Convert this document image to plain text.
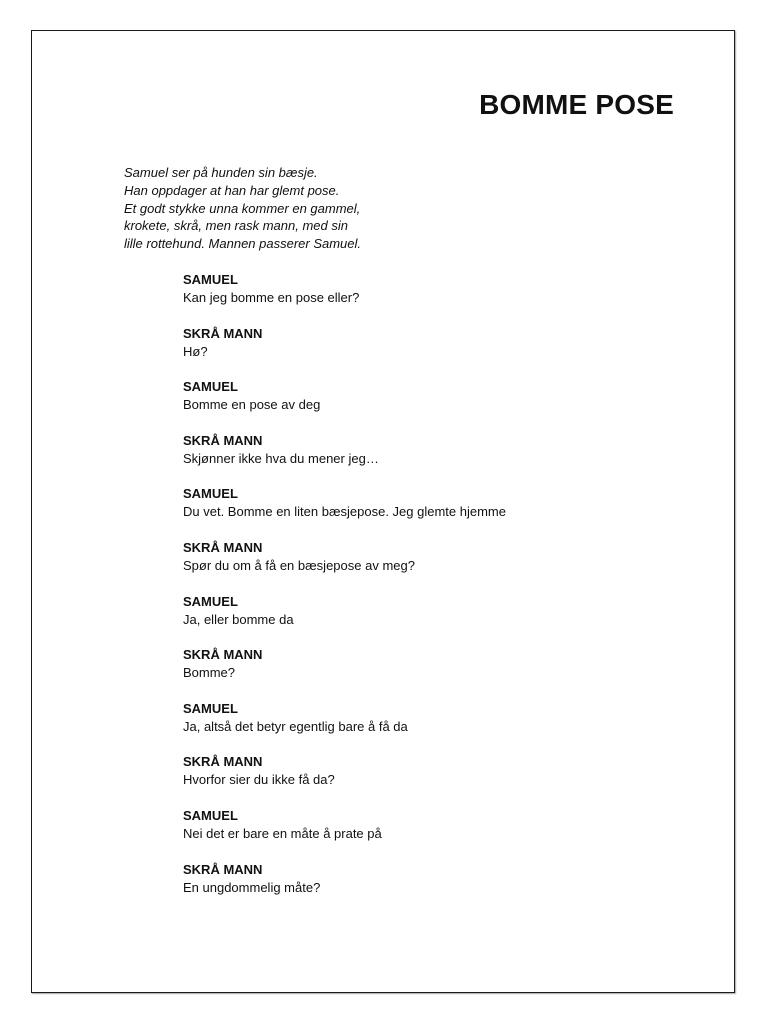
BOMME POSE

Samuel ser på hunden sin bæsje.
Han oppdager at han har glemt pose.
Et godt stykke unna kommer en gammel,
krokete, skrå, men rask mann, med sin
lille rottehund. Mannen passerer Samuel.

SAMUEL
Kan jeg bomme en pose eller?
SKRÅ MANN
Hø?
SAMUEL
Bomme en pose av deg
SKRÅ MANN
Skjønner ikke hva du mener jeg…
SAMUEL
Du vet. Bomme en liten bæsjepose. Jeg glemte hjemme
SKRÅ MANN
Spør du om å få en bæsjepose av meg?
SAMUEL
Ja, eller bomme da
SKRÅ MANN
Bomme?
SAMUEL
Ja, altså det betyr egentlig bare å få da
SKRÅ MANN
Hvorfor sier du ikke få da?
SAMUEL
Nei det er bare en måte å prate på
SKRÅ MANN
En ungdommelig måte?
